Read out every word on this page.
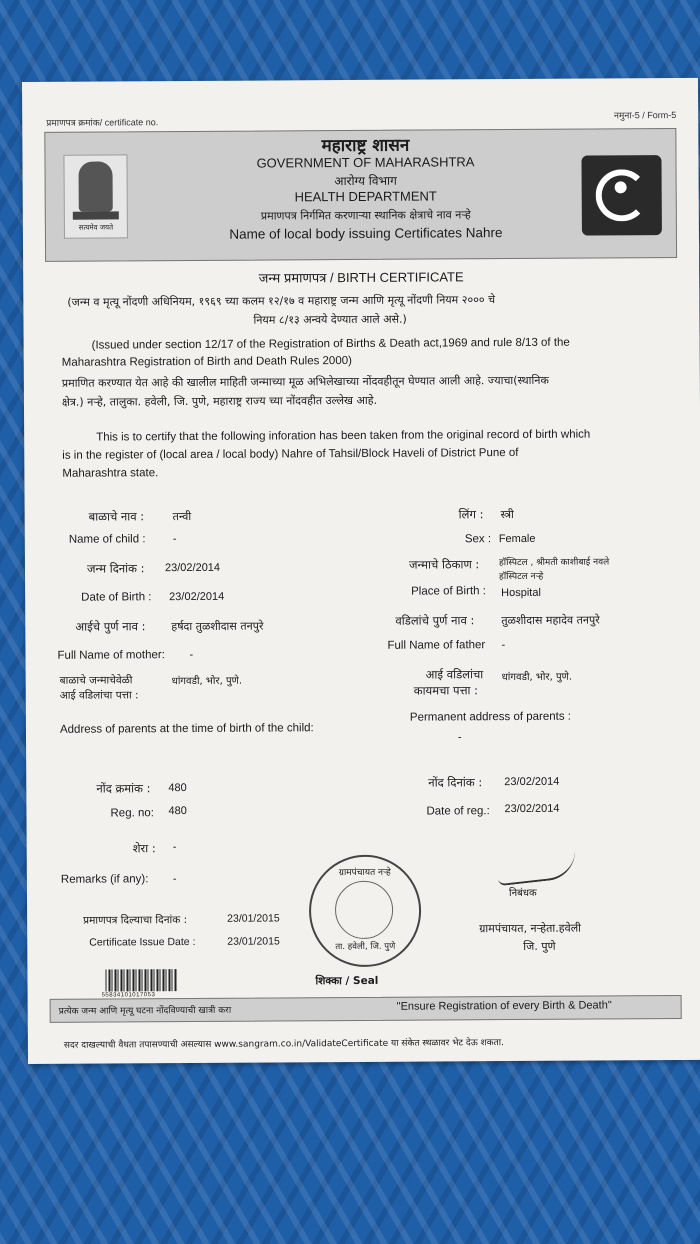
प्रमाणपत्र क्रमांक/ certificate no.
नमुना-5 / Form-5
सत्यमेव जयते
महाराष्ट्र शासन
GOVERNMENT OF MAHARASHTRA
आरोग्य विभाग
HEALTH DEPARTMENT
प्रमाणपत्र निर्गमित करणाऱ्या स्थानिक क्षेत्राचे नाव नऱ्हे
Name of local body issuing Certificates Nahre
जन्म प्रमाणपत्र / BIRTH CERTIFICATE
(जन्म व मृत्यू नोंदणी अधिनियम, १९६९ च्या कलम १२/१७ व महाराष्ट्र जन्म आणि मृत्यू नोंदणी नियम २००० चे
नियम ८/१३ अन्वये देण्यात आले असे.)
(Issued under section 12/17 of the Registration of Births & Death act,1969 and rule 8/13 of the
Maharashtra Registration of Birth and Death Rules 2000)
प्रमाणित करण्यात येत आहे की खालील माहिती जन्माच्या मूळ अभिलेखाच्या नोंदवहीतून घेण्यात आली आहे. ज्याचा(स्थानिक
क्षेत्र.) नऱ्हे, तालुका. हवेली, जि. पुणे, महाराष्ट्र राज्य च्या नोंदवहीत उल्लेख आहे.
This is to certify that the following inforation has been taken from the original record of birth which
is in the register of (local area / local body) Nahre of Tahsil/Block Haveli of District Pune of
Maharashtra state.
बाळाचे नाव :	तन्वी
Name of child : -
लिंग : स्त्री
Sex : Female
जन्म दिनांक : 23/02/2014
Date of Birth : 23/02/2014
जन्माचे ठिकाण : हॉस्पिटल , श्रीमती काशीबाई नवले
हॉस्पिटल नऱ्हे
Place of Birth : Hospital
आईचे पुर्ण नाव : हर्षदा तुळशीदास तनपुरे
Full Name of mother: -
वडिलांचे पुर्ण नाव : तुळशीदास महादेव तनपुरे
Full Name of father -
बाळाचे जन्माचेवेळी
आई वडिलांचा पत्ता :
धांगवडी, भोर, पुणे.
Address of parents at the time of birth of the child:
आई वडिलांचा
कायमचा पत्ता :
धांगवडी, भोर, पुणे.
Permanent address of parents :
-
नोंद क्रमांक : 480
Reg. no: 480
नोंद दिनांक : 23/02/2014
Date of reg.: 23/02/2014
शेरा : -
Remarks (if any): -
प्रमाणपत्र दिल्याचा दिनांक :	23/01/2015
Certificate Issue Date :	23/01/2015
ग्रामपंचायत नऱ्हे
ता. हवेली, जि. पुणे
शिक्का / Seal
निबंधक
ग्रामपंचायत, नऱ्हेता.हवेली
जि. पुणे
55834101017053
प्रत्येक जन्म आणि मृत्यू घटना नोंदविण्याची खात्री करा	"Ensure Registration of every Birth & Death"
सदर दाखल्याची वैधता तपासण्याची असल्यास www.sangram.co.in/ValidateCertificate या संकेत स्थळावर भेट देऊ शकता.
